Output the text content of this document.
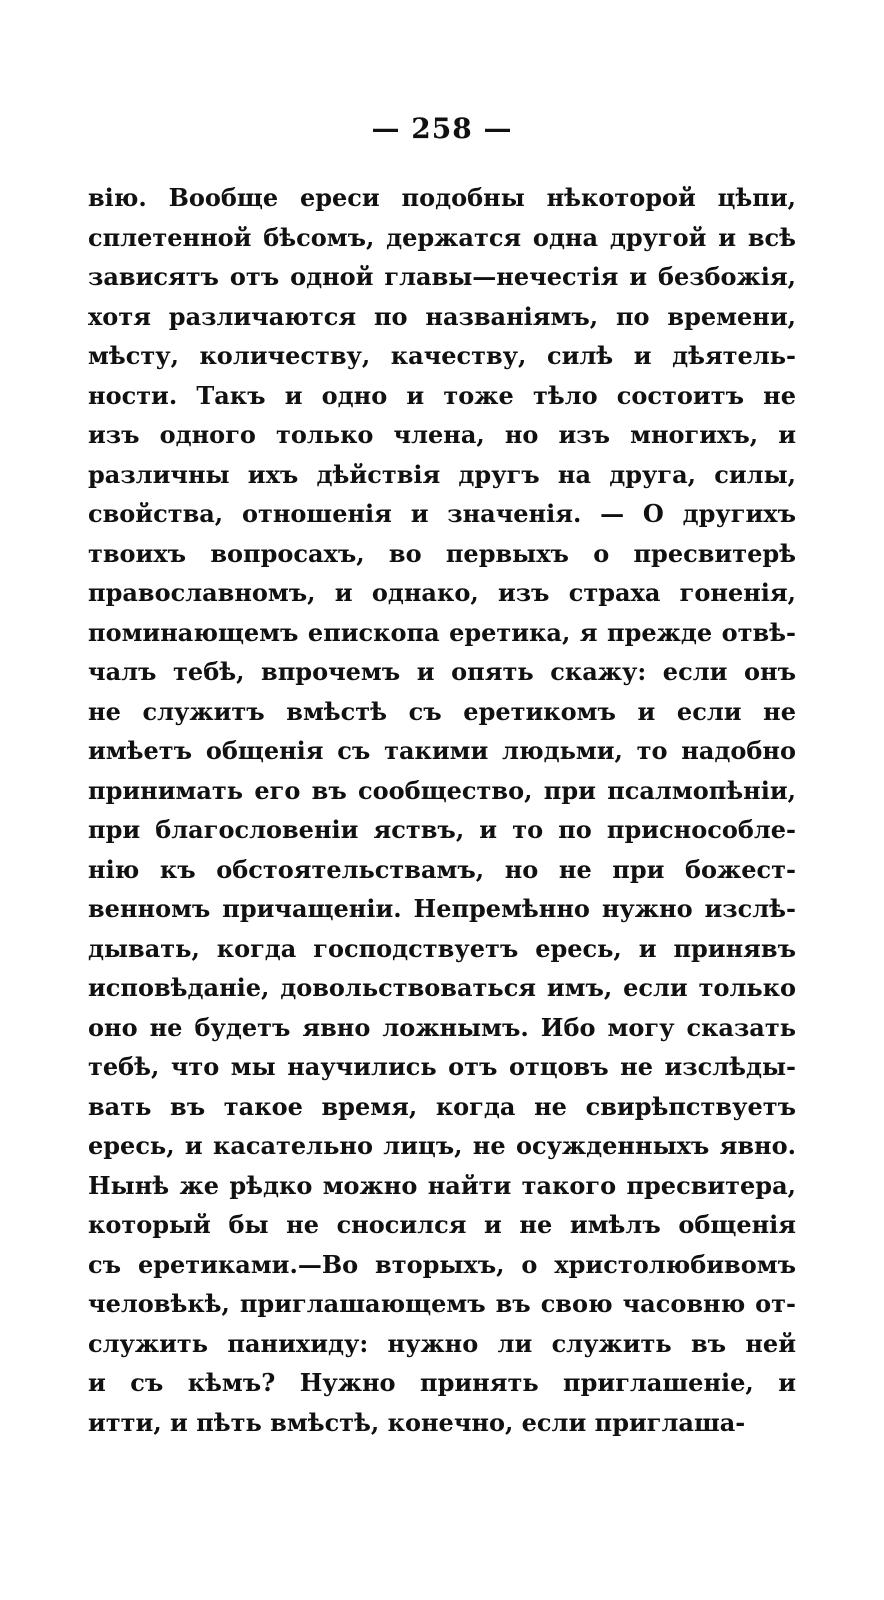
— 258 —
вію. Вообще ереси подобны нѣкоторой цѣпи,
сплетенной бѣсомъ, держатся одна другой и всѣ
зависятъ отъ одной главы—нечестія и безбожія,
хотя различаются по названіямъ, по времени,
мѣсту, количеству, качеству, силѣ и дѣятель-
ности. Такъ и одно и тоже тѣло состоитъ не
изъ одного только члена, но изъ многихъ, и
различны ихъ дѣйствія другъ на друга, силы,
свойства, отношенія и значенія. — О другихъ
твоихъ вопросахъ, во первыхъ о пресвитерѣ
православномъ, и однако, изъ страха гоненія,
поминающемъ епископа еретика, я прежде отвѣ-
чалъ тебѣ, впрочемъ и опять скажу: если онъ
не служитъ вмѣстѣ съ еретикомъ и если не
имѣетъ общенія съ такими людьми, то надобно
принимать его въ сообщество, при псалмопѣніи,
при благословеніи яствъ, и то по приснособле-
нію къ обстоятельствамъ, но не при божест-
венномъ причащеніи. Непремѣнно нужно изслѣ-
дывать, когда господствуетъ ересь, и принявъ
исповѣданіе, довольствоваться имъ, если только
оно не будетъ явно ложнымъ. Ибо могу сказать
тебѣ, что мы научились отъ отцовъ не изслѣды-
вать въ такое время, когда не свирѣпствуетъ
ересь, и касательно лицъ, не осужденныхъ явно.
Нынѣ же рѣдко можно найти такого пресвитера,
который бы не сносился и не имѣлъ общенія
съ еретиками.—Во вторыхъ, о христолюбивомъ
человѣкѣ, приглашающемъ въ свою часовню от-
служить панихиду: нужно ли служить въ ней
и съ кѣмъ? Нужно принять приглашеніе, и
итти, и пѣть вмѣстѣ, конечно, если приглаша-
